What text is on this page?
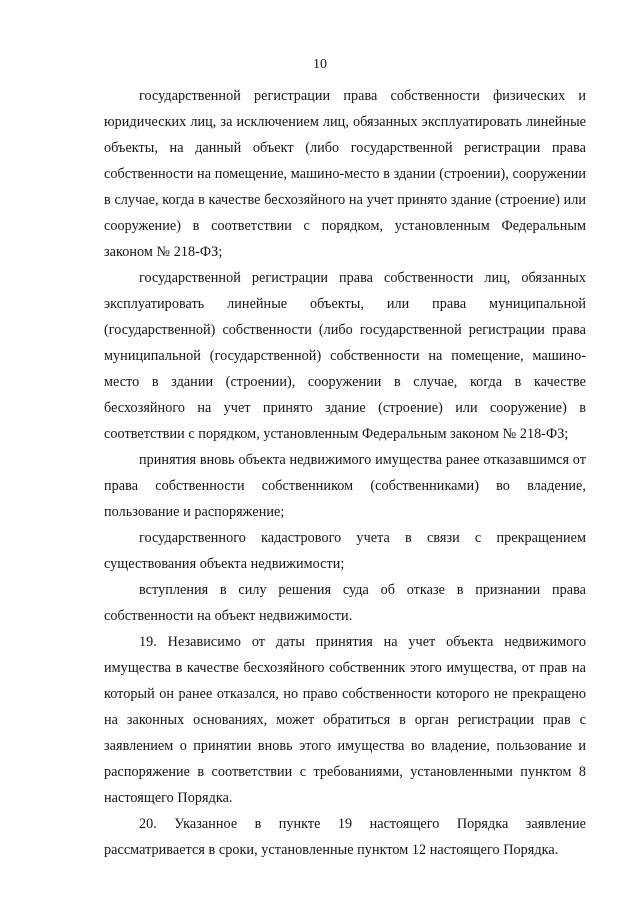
10

государственной регистрации права собственности физических и юридических лиц, за исключением лиц, обязанных эксплуатировать линейные объекты, на данный объект (либо государственной регистрации права собственности на помещение, машино-место в здании (строении), сооружении в случае, когда в качестве бесхозяйного на учет принято здание (строение) или сооружение) в соответствии с порядком, установленным Федеральным законом № 218-ФЗ;

государственной регистрации права собственности лиц, обязанных эксплуатировать линейные объекты, или права муниципальной (государственной) собственности (либо государственной регистрации права муниципальной (государственной) собственности на помещение, машино-место в здании (строении), сооружении в случае, когда в качестве бесхозяйного на учет принято здание (строение) или сооружение) в соответствии с порядком, установленным Федеральным законом № 218-ФЗ;

принятия вновь объекта недвижимого имущества ранее отказавшимся от права собственности собственником (собственниками) во владение, пользование и распоряжение;

государственного кадастрового учета в связи с прекращением существования объекта недвижимости;

вступления в силу решения суда об отказе в признании права собственности на объект недвижимости.

19. Независимо от даты принятия на учет объекта недвижимого имущества в качестве бесхозяйного собственник этого имущества, от прав на который он ранее отказался, но право собственности которого не прекращено на законных основаниях, может обратиться в орган регистрации прав с заявлением о принятии вновь этого имущества во владение, пользование и распоряжение в соответствии с требованиями, установленными пунктом 8 настоящего Порядка.

20. Указанное в пункте 19 настоящего Порядка заявление рассматривается в сроки, установленные пунктом 12 настоящего Порядка.
